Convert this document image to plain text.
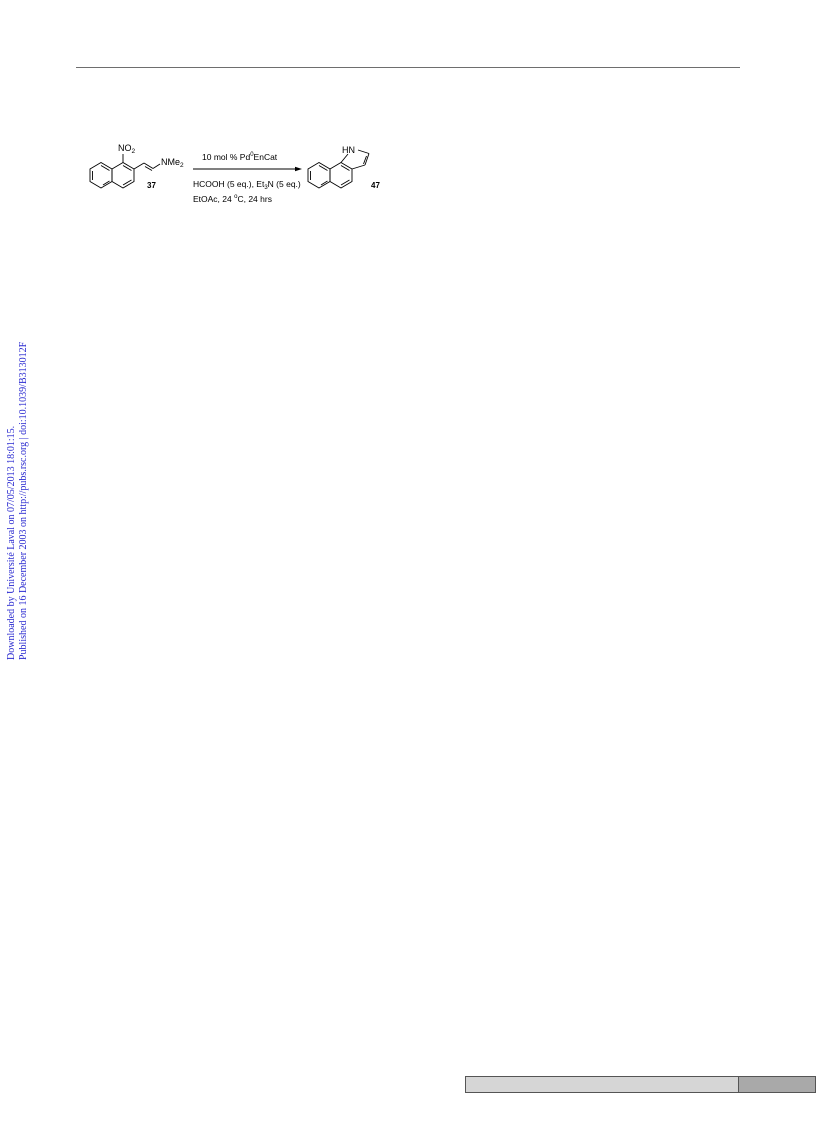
$NO_2$
NMe$_2$
37
10 mol % Pd$^0$EnCat
HCOOH (5 eq.), $Et_3N$ (5 eq.)
EtOAc, 24 $^o$C, 24 hrs
HN
47
Downloaded by Université Laval on 07/05/2013 18:01:15. Published on 16 December 2003 on http://pubs.rsc.org | doi:10.1039/B313012F
